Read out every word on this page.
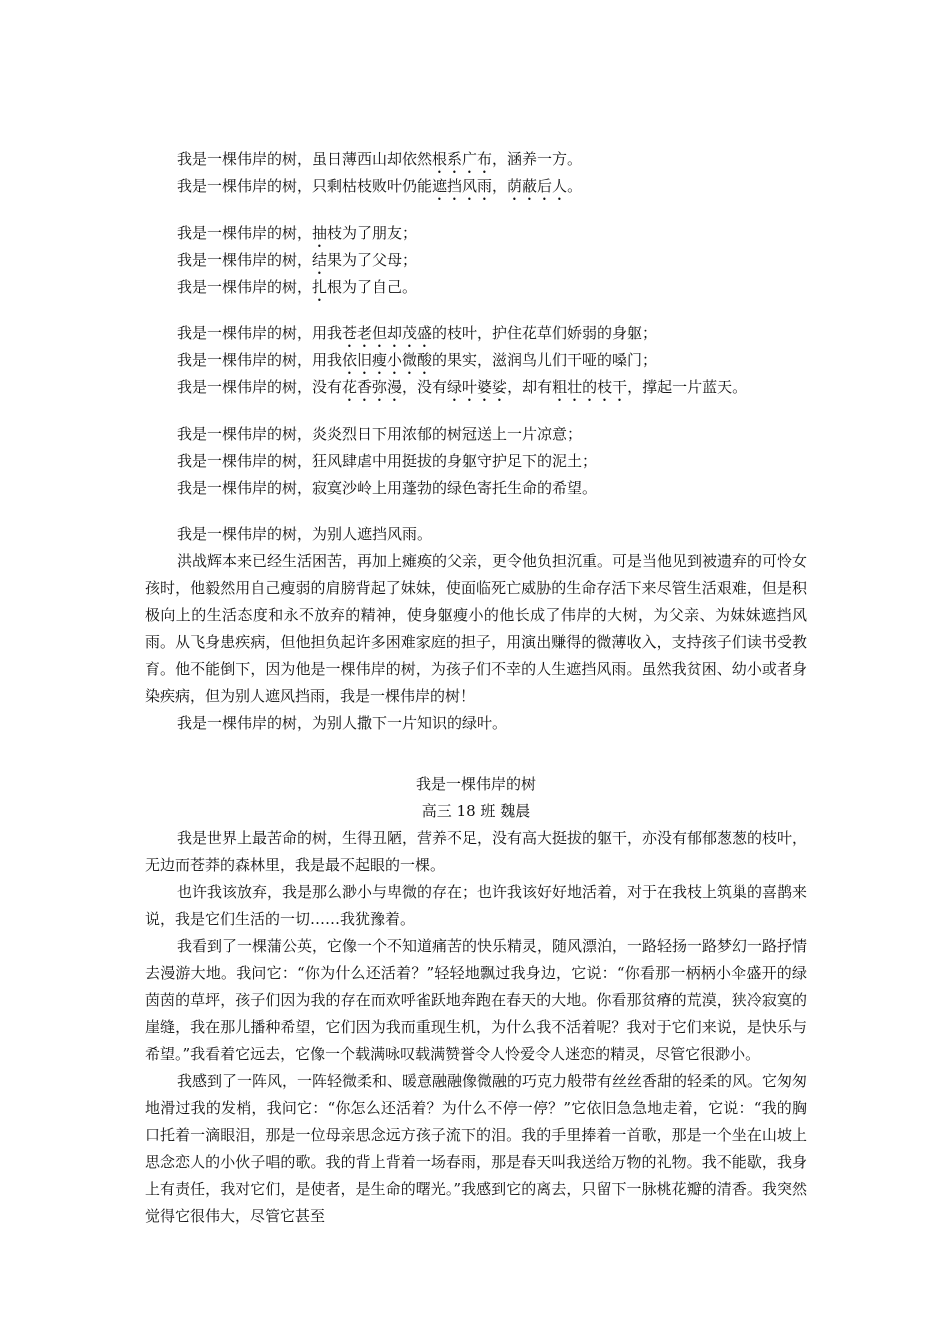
我是一棵伟岸的树，虽日薄西山却依然根系广布，涵养一方。
我是一棵伟岸的树，只剩枯枝败叶仍能遮挡风雨，荫蔽后人。
我是一棵伟岸的树，抽枝为了朋友；
我是一棵伟岸的树，结果为了父母；
我是一棵伟岸的树，扎根为了自己。
我是一棵伟岸的树，用我苍老但却茂盛的枝叶，护住花草们娇弱的身躯；
我是一棵伟岸的树，用我依旧瘦小微酸的果实，滋润鸟儿们干哑的嗓门；
我是一棵伟岸的树，没有花香弥漫，没有绿叶婆娑，却有粗壮的枝干，撑起一片蓝天。
我是一棵伟岸的树，炎炎烈日下用浓郁的树冠送上一片凉意；
我是一棵伟岸的树，狂风肆虐中用挺拔的身躯守护足下的泥土；
我是一棵伟岸的树，寂寞沙岭上用蓬勃的绿色寄托生命的希望。
我是一棵伟岸的树，为别人遮挡风雨。
洪战辉本来已经生活困苦，再加上瘫痪的父亲，更令他负担沉重。可是当他见到被遗弃的可怜女孩时，他毅然用自己瘦弱的肩膀背起了妹妹，使面临死亡威胁的生命存活下来尽管生活艰难，但是积极向上的生活态度和永不放弃的精神，使身躯瘦小的他长成了伟岸的大树，为父亲、为妹妹遮挡风雨。从飞身患疾病，但他担负起许多困难家庭的担子，用演出赚得的微薄收入，支持孩子们读书受教育。他不能倒下，因为他是一棵伟岸的树，为孩子们不幸的人生遮挡风雨。虽然我贫困、幼小或者身染疾病，但为别人遮风挡雨，我是一棵伟岸的树！
我是一棵伟岸的树，为别人撒下一片知识的绿叶。
我是一棵伟岸的树
高三 18 班 魏晨
我是世界上最苦命的树，生得丑陋，营养不足，没有高大挺拔的躯干，亦没有郁郁葱葱的枝叶，无边而苍莽的森林里，我是最不起眼的一棵。
也许我该放弃，我是那么渺小与卑微的存在；也许我该好好地活着，对于在我枝上筑巢的喜鹊来说，我是它们生活的一切……我犹豫着。
我看到了一棵蒲公英，它像一个不知道痛苦的快乐精灵，随风漂泊，一路轻扬一路梦幻一路抒情去漫游大地。我问它：“你为什么还活着？”轻轻地飘过我身边，它说：“你看那一柄柄小伞盛开的绿茵茵的草坪，孩子们因为我的存在而欢呼雀跃地奔跑在春天的大地。你看那贫瘠的荒漠，狭冷寂寞的崖缝，我在那儿播种希望，它们因为我而重现生机，为什么我不活着呢？我对于它们来说，是快乐与希望。”我看着它远去，它像一个载满咏叹载满赞誉令人怜爱令人迷恋的精灵，尽管它很渺小。
我感到了一阵风，一阵轻微柔和、暖意融融像微融的巧克力般带有丝丝香甜的轻柔的风。它匆匆地滑过我的发梢，我问它：“你怎么还活着？为什么不停一停？”它依旧急急地走着，它说：“我的胸口托着一滴眼泪，那是一位母亲思念远方孩子流下的泪。我的手里捧着一首歌，那是一个坐在山坡上思念恋人的小伙子唱的歌。我的背上背着一场春雨，那是春天叫我送给万物的礼物。我不能歇，我身上有责任，我对它们，是使者，是生命的曙光。”我感到它的离去，只留下一脉桃花瓣的清香。我突然觉得它很伟大，尽管它甚至
